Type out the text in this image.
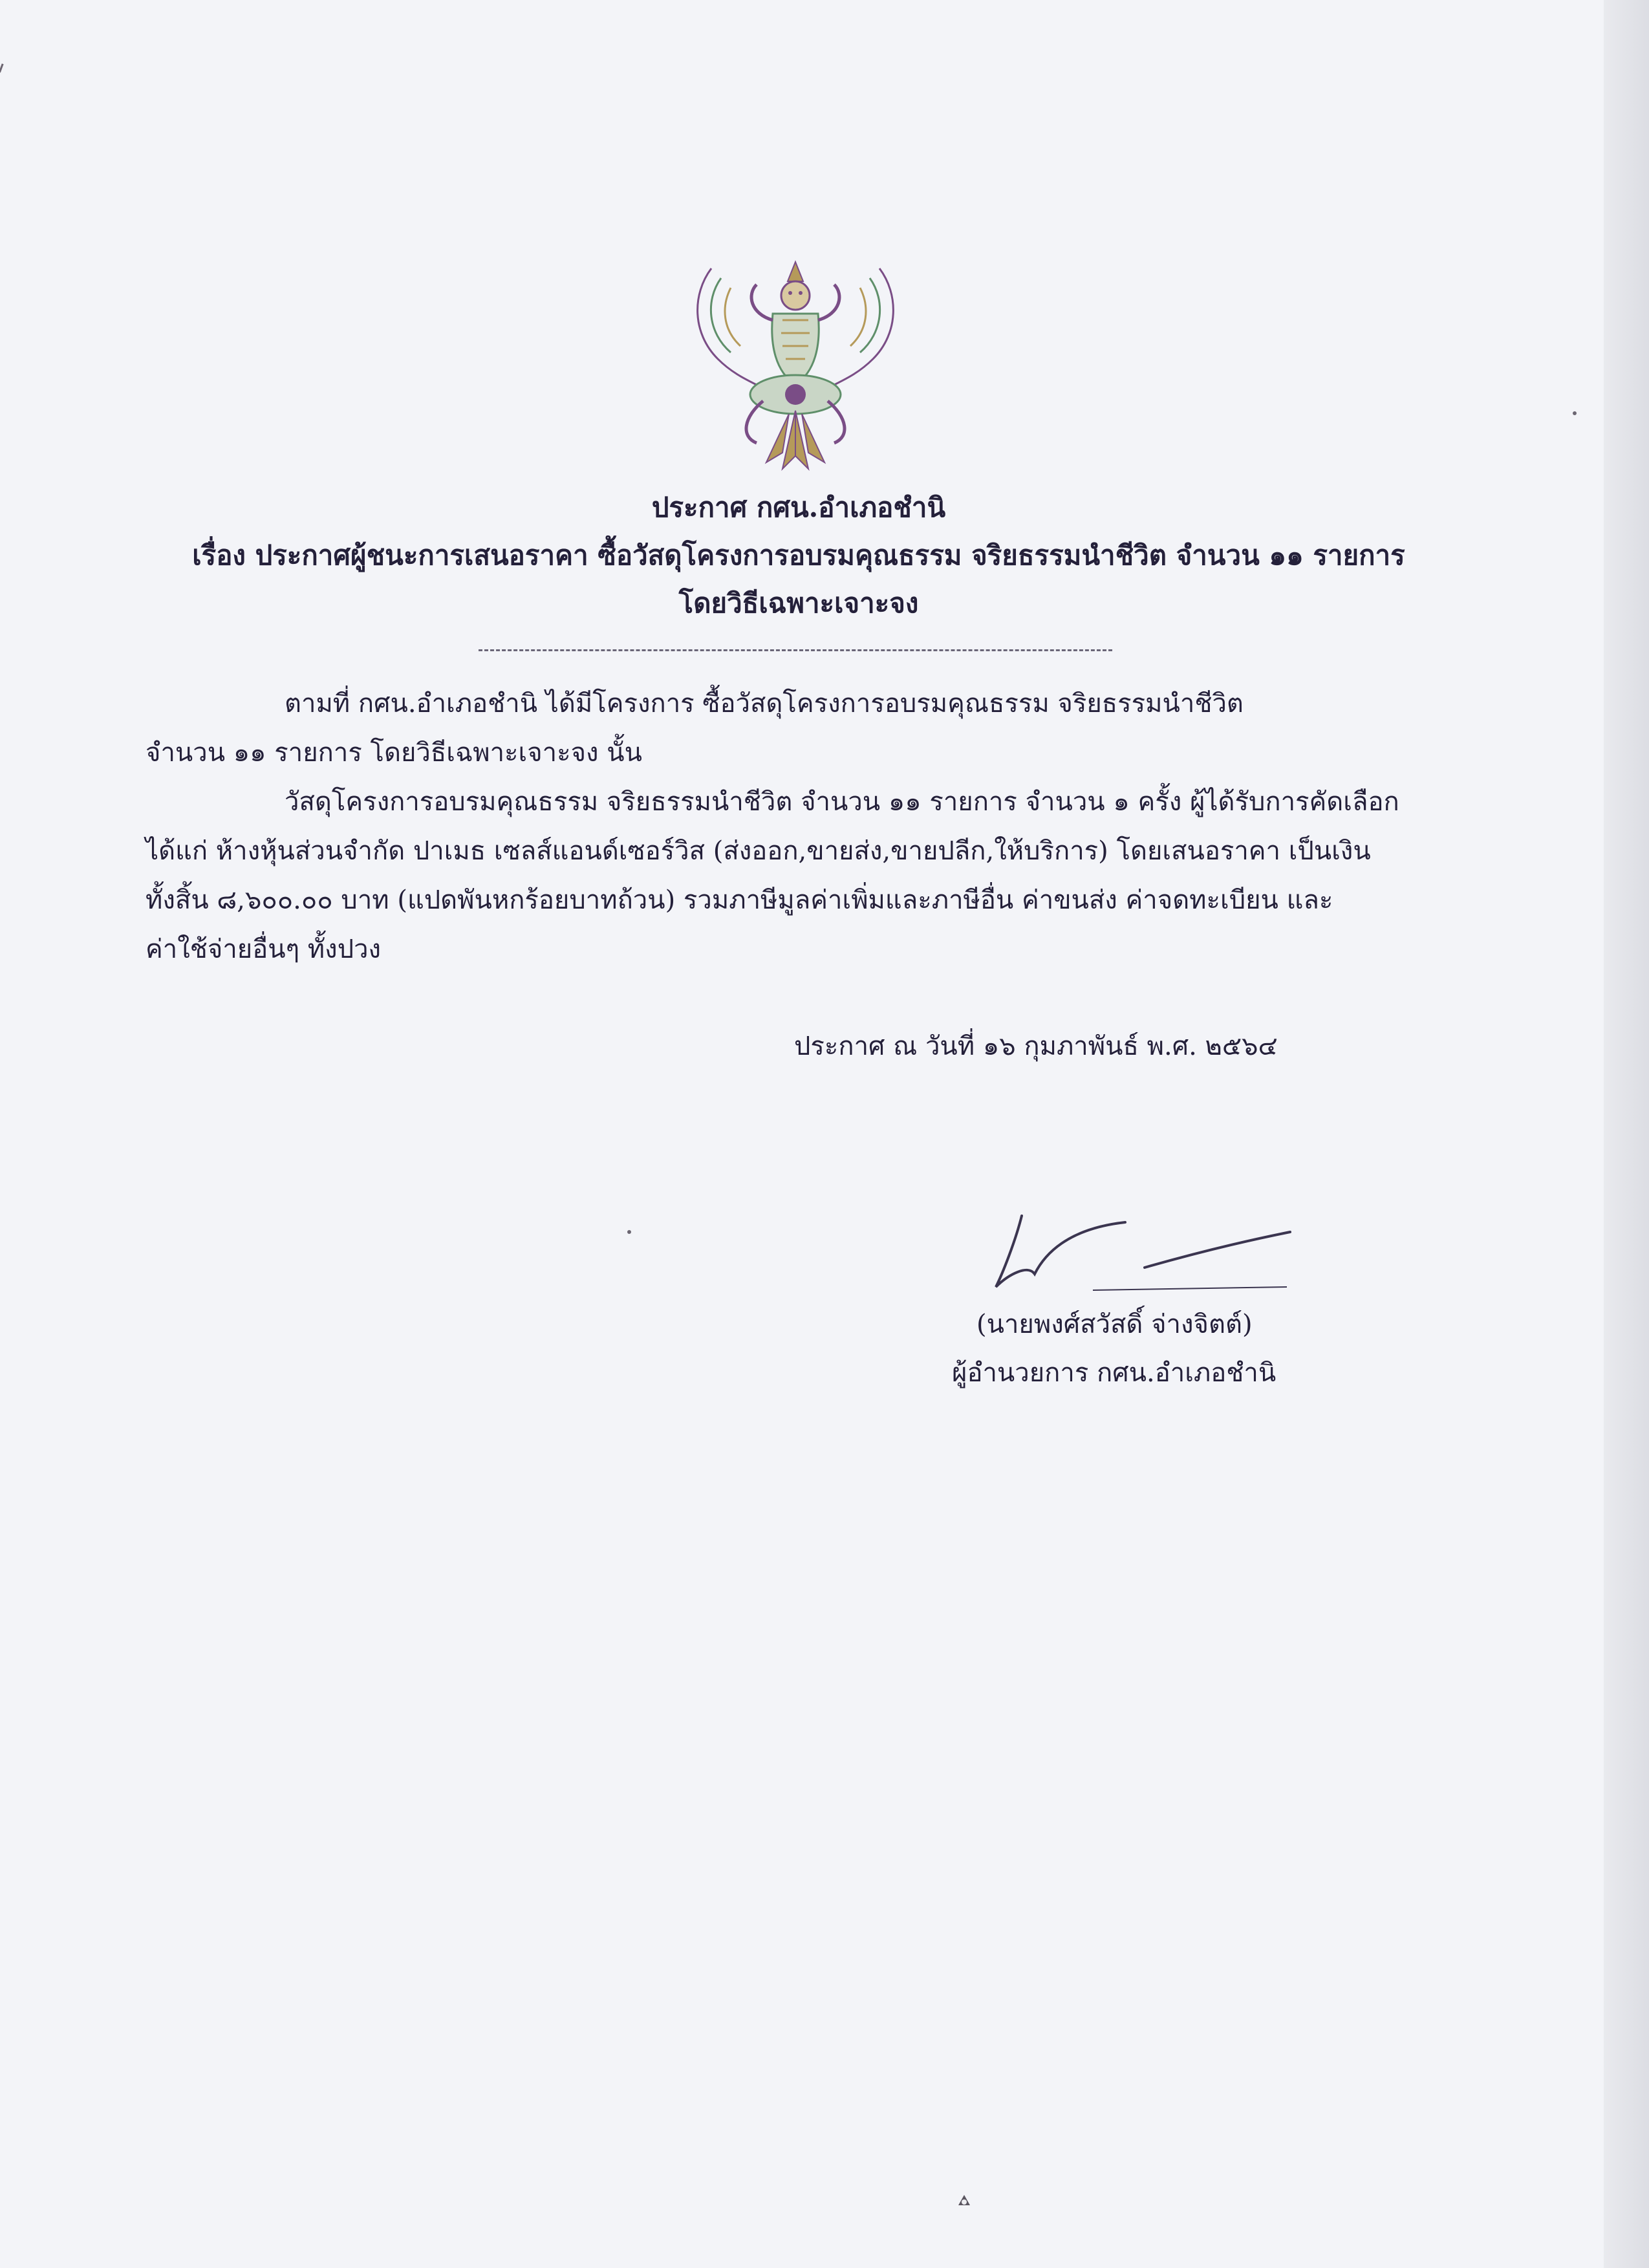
ประกาศ กศน.อำเภอชำนิ
เรื่อง ประกาศผู้ชนะการเสนอราคา ซื้อวัสดุโครงการอบรมคุณธรรม จริยธรรมนำชีวิต จำนวน ๑๑ รายการ
โดยวิธีเฉพาะเจาะจง
ตามที่ กศน.อำเภอชำนิ ได้มีโครงการ ซื้อวัสดุโครงการอบรมคุณธรรม จริยธรรมนำชีวิต
จำนวน ๑๑ รายการ โดยวิธีเฉพาะเจาะจง นั้น
วัสดุโครงการอบรมคุณธรรม จริยธรรมนำชีวิต จำนวน ๑๑ รายการ จำนวน ๑ ครั้ง ผู้ได้รับการคัดเลือก
ได้แก่ ห้างหุ้นส่วนจำกัด ปาเมธ เซลส์แอนด์เซอร์วิส (ส่งออก,ขายส่ง,ขายปลีก,ให้บริการ) โดยเสนอราคา เป็นเงิน
ทั้งสิ้น ๘,๖๐๐.๐๐ บาท (แปดพันหกร้อยบาทถ้วน) รวมภาษีมูลค่าเพิ่มและภาษีอื่น ค่าขนส่ง ค่าจดทะเบียน และ
ค่าใช้จ่ายอื่นๆ ทั้งปวง
ประกาศ ณ วันที่ ๑๖ กุมภาพันธ์ พ.ศ. ๒๕๖๔
(นายพงศ์สวัสดิ์ จ่างจิตต์)
ผู้อำนวยการ กศน.อำเภอชำนิ
